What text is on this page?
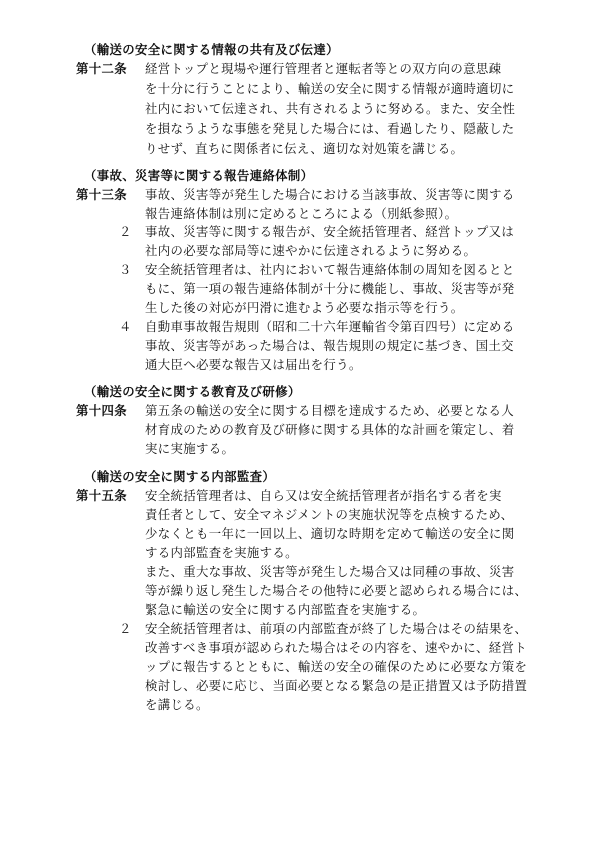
（輸送の安全に関する情報の共有及び伝達）

第十二条 経営トップと現場や運行管理者と運転者等との双方向の意思疎

を十分に行うことにより、輸送の安全に関する情報が適時適切に

社内において伝達され、共有されるように努める。また、安全性

を損なうような事態を発見した場合には、看過したり、隠蔽した

りせず、直ちに関係者に伝え、適切な対処策を講じる。

（事故、災害等に関する報告連絡体制）

第十三条 事故、災害等が発生した場合における当該事故、災害等に関する

報告連絡体制は別に定めるところによる（別紙参照）。

２ 事故、災害等に関する報告が、安全統括管理者、経営トップ又は

社内の必要な部局等に速やかに伝達されるように努める。

３ 安全統括管理者は、社内において報告連絡体制の周知を図るとと

もに、第一項の報告連絡体制が十分に機能し、事故、災害等が発

生した後の対応が円滑に進むよう必要な指示等を行う。

４ 自動車事故報告規則（昭和二十六年運輸省令第百四号）に定める

事故、災害等があった場合は、報告規則の規定に基づき、国土交

通大臣へ必要な報告又は届出を行う。

（輸送の安全に関する教育及び研修）

第十四条 第五条の輸送の安全に関する目標を達成するため、必要となる人

材育成のための教育及び研修に関する具体的な計画を策定し、着

実に実施する。

（輸送の安全に関する内部監査）

第十五条 安全統括管理者は、自ら又は安全統括管理者が指名する者を実

責任者として、安全マネジメントの実施状況等を点検するため、

少なくとも一年に一回以上、適切な時期を定めて輸送の安全に関

する内部監査を実施する。

また、重大な事故、災害等が発生した場合又は同種の事故、災害

等が繰り返し発生した場合その他特に必要と認められる場合には、

緊急に輸送の安全に関する内部監査を実施する。

２ 安全統括管理者は、前項の内部監査が終了した場合はその結果を、

改善すべき事項が認められた場合はその内容を、速やかに、経営ト

ップに報告するとともに、輸送の安全の確保のために必要な方策を

検討し、必要に応じ、当面必要となる緊急の是正措置又は予防措置

を講じる。
